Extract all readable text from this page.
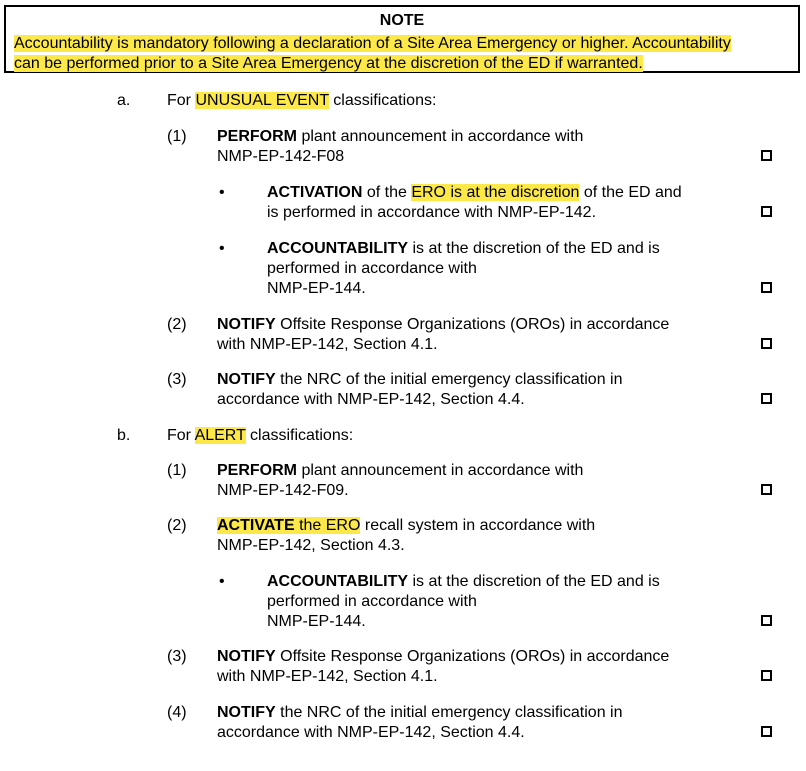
NOTE
Accountability is mandatory following a declaration of a Site Area Emergency or higher. Accountability
can be performed prior to a Site Area Emergency at the discretion of the ED if warranted.
a. For UNUSUAL EVENT classifications:
(1) PERFORM plant announcement in accordance with
NMP-EP-142-F08
•	ACTIVATION of the ERO is at the discretion of the ED and
is performed in accordance with NMP-EP-142.
•	ACCOUNTABILITY is at the discretion of the ED and is
performed in accordance with
NMP-EP-144.
(2) NOTIFY Offsite Response Organizations (OROs) in accordance
with NMP-EP-142, Section 4.1.
(3) NOTIFY the NRC of the initial emergency classification in
accordance with NMP-EP-142, Section 4.4.
b. For ALERT classifications:
(1) PERFORM plant announcement in accordance with
NMP-EP-142-F09.
(2) ACTIVATE the ERO recall system in accordance with
NMP-EP-142, Section 4.3.
•	ACCOUNTABILITY is at the discretion of the ED and is
performed in accordance with
NMP-EP-144.
(3) NOTIFY Offsite Response Organizations (OROs) in accordance
with NMP-EP-142, Section 4.1.
(4) NOTIFY the NRC of the initial emergency classification in
accordance with NMP-EP-142, Section 4.4.
